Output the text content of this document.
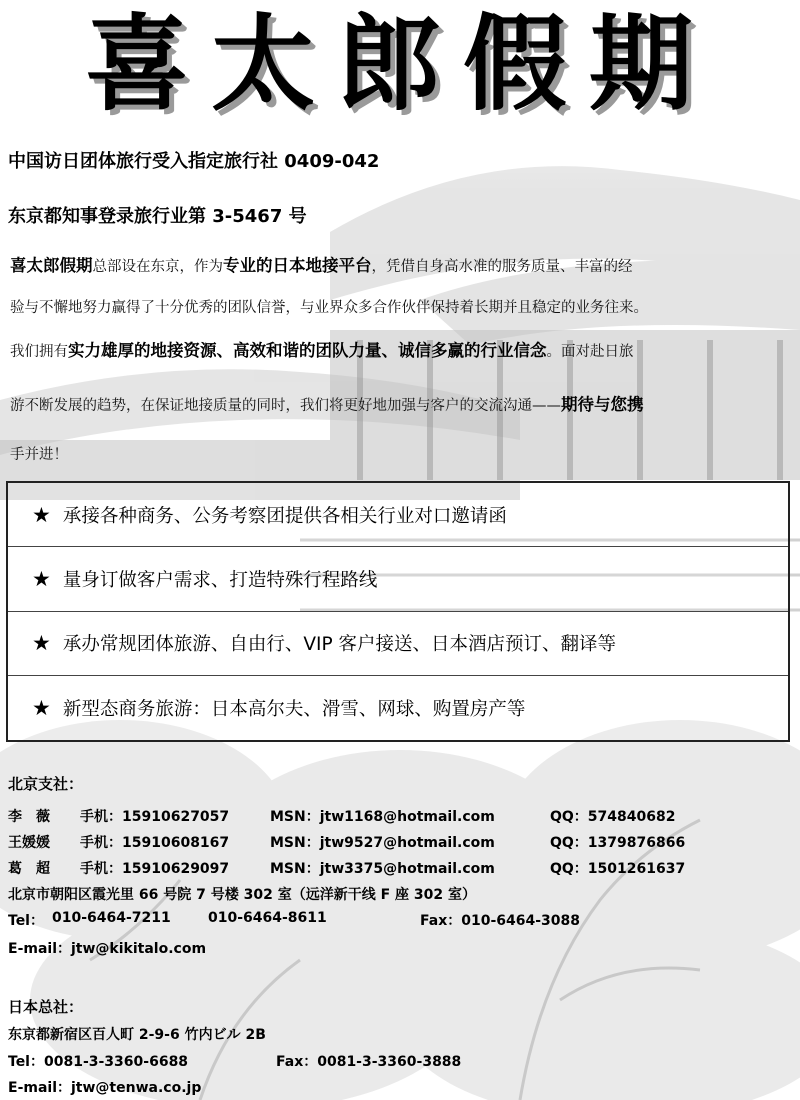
喜太郎假期
中国访日团体旅行受入指定旅行社 0409-042
东京都知事登录旅行业第 3-5467 号

喜太郎假期总部设在东京，作为专业的日本地接平台，凭借自身高水准的服务质量、丰富的经

验与不懈地努力赢得了十分优秀的团队信誉，与业界众多合作伙伴保持着长期并且稳定的业务往来。

我们拥有实力雄厚的地接资源、高效和谐的团队力量、诚信多赢的行业信念。面对赴日旅

游不断发展的趋势，在保证地接质量的同时，我们将更好地加强与客户的交流沟通——期待与您携

手并进！

★ 承接各种商务、公务考察团提供各相关行业对口邀请函
★ 量身订做客户需求、打造特殊行程路线
★ 承办常规团体旅游、自由行、VIP 客户接送、日本酒店预订、翻译等
★ 新型态商务旅游：日本高尔夫、滑雪、网球、购置房产等
北京支社：
李　薇 手机：15910627057	MSN：jtw1168@hotmail.com	QQ：574840682
王媛媛 手机：15910608167	MSN：jtw9527@hotmail.com	QQ：1379876866
葛　超 手机：15910629097	MSN：jtw3375@hotmail.com	QQ：1501261637
北京市朝阳区霞光里 66 号院 7 号楼 302 室（远洋新干线 F 座 302 室）
Tel： 010-6464-7211	010-6464-8611	Fax：010-6464-3088
E-mail：jtw@kikitalo.com
日本总社：
东京都新宿区百人町 2-9-6 竹内ビル 2B
Tel：0081-3-3360-6688	Fax：0081-3-3360-3888
E-mail：jtw@tenwa.co.jp
